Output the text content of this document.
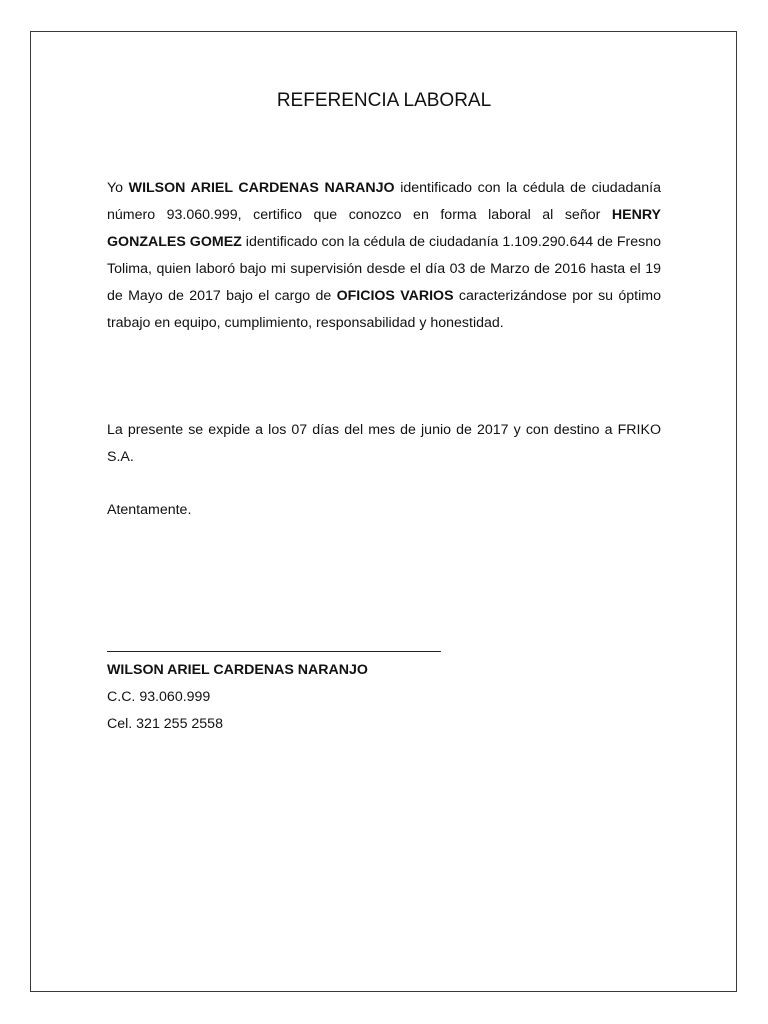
REFERENCIA LABORAL

Yo WILSON ARIEL CARDENAS NARANJO identificado con la cédula de ciudadanía número 93.060.999, certifico que conozco en forma laboral al señor HENRY GONZALES GOMEZ identificado con la cédula de ciudadanía 1.109.290.644 de Fresno Tolima, quien laboró bajo mi supervisión desde el día 03 de Marzo de 2016 hasta el 19 de Mayo de 2017 bajo el cargo de OFICIOS VARIOS caracterizándose por su óptimo trabajo en equipo, cumplimiento, responsabilidad y honestidad.

La presente se expide a los 07 días del mes de junio de 2017 y con destino a FRIKO S.A.

Atentamente.

WILSON ARIEL CARDENAS NARANJO
C.C. 93.060.999
Cel. 321 255 2558
